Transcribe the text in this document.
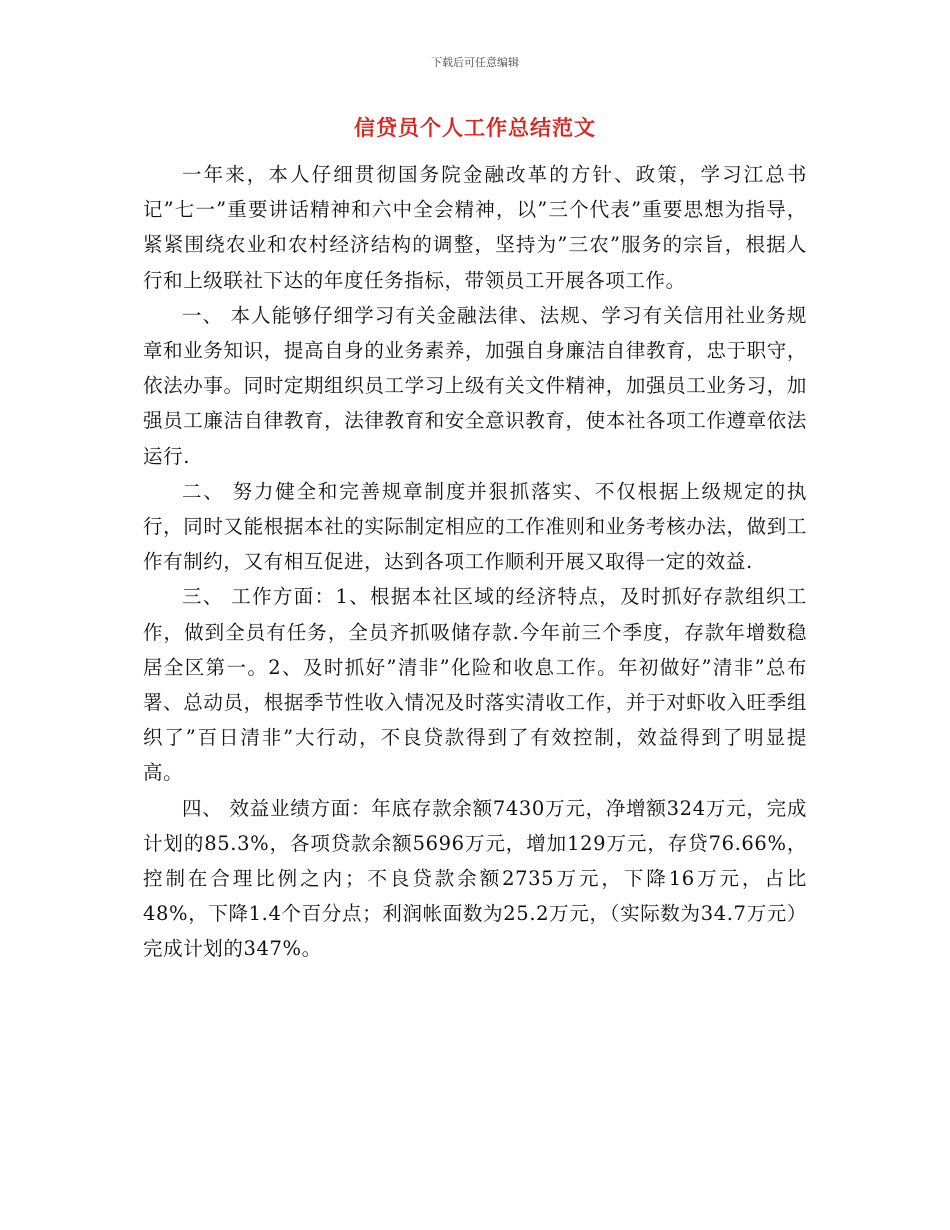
下载后可任意编辑
信贷员个人工作总结范文

一年来，本人仔细贯彻国务院金融改革的方针、政策，学习江总书记”七一”重要讲话精神和六中全会精神，以”三个代表”重要思想为指导，紧紧围绕农业和农村经济结构的调整，坚持为”三农”服务的宗旨，根据人行和上级联社下达的年度任务指标，带领员工开展各项工作。

一、 本人能够仔细学习有关金融法律、法规、学习有关信用社业务规章和业务知识，提高自身的业务素养，加强自身廉洁自律教育，忠于职守，依法办事。同时定期组织员工学习上级有关文件精神，加强员工业务习，加强员工廉洁自律教育，法律教育和安全意识教育，使本社各项工作遵章依法运行.

二、 努力健全和完善规章制度并狠抓落实、不仅根据上级规定的执行，同时又能根据本社的实际制定相应的工作准则和业务考核办法，做到工作有制约，又有相互促进，达到各项工作顺利开展又取得一定的效益.

三、 工作方面：1、根据本社区域的经济特点，及时抓好存款组织工作，做到全员有任务，全员齐抓吸储存款.今年前三个季度，存款年增数稳居全区第一。2、及时抓好”清非”化险和收息工作。年初做好”清非”总布署、总动员，根据季节性收入情况及时落实清收工作，并于对虾收入旺季组织了”百日清非”大行动，不良贷款得到了有效控制，效益得到了明显提高。

四、 效益业绩方面：年底存款余额7430万元，净增额324万元，完成计划的85.3%，各项贷款余额5696万元，增加129万元，存贷76.66%，控制在合理比例之内；不良贷款余额2735万元，下降16万元，占比48%，下降1.4个百分点；利润帐面数为25.2万元，（实际数为34.7万元）完成计划的347%。
